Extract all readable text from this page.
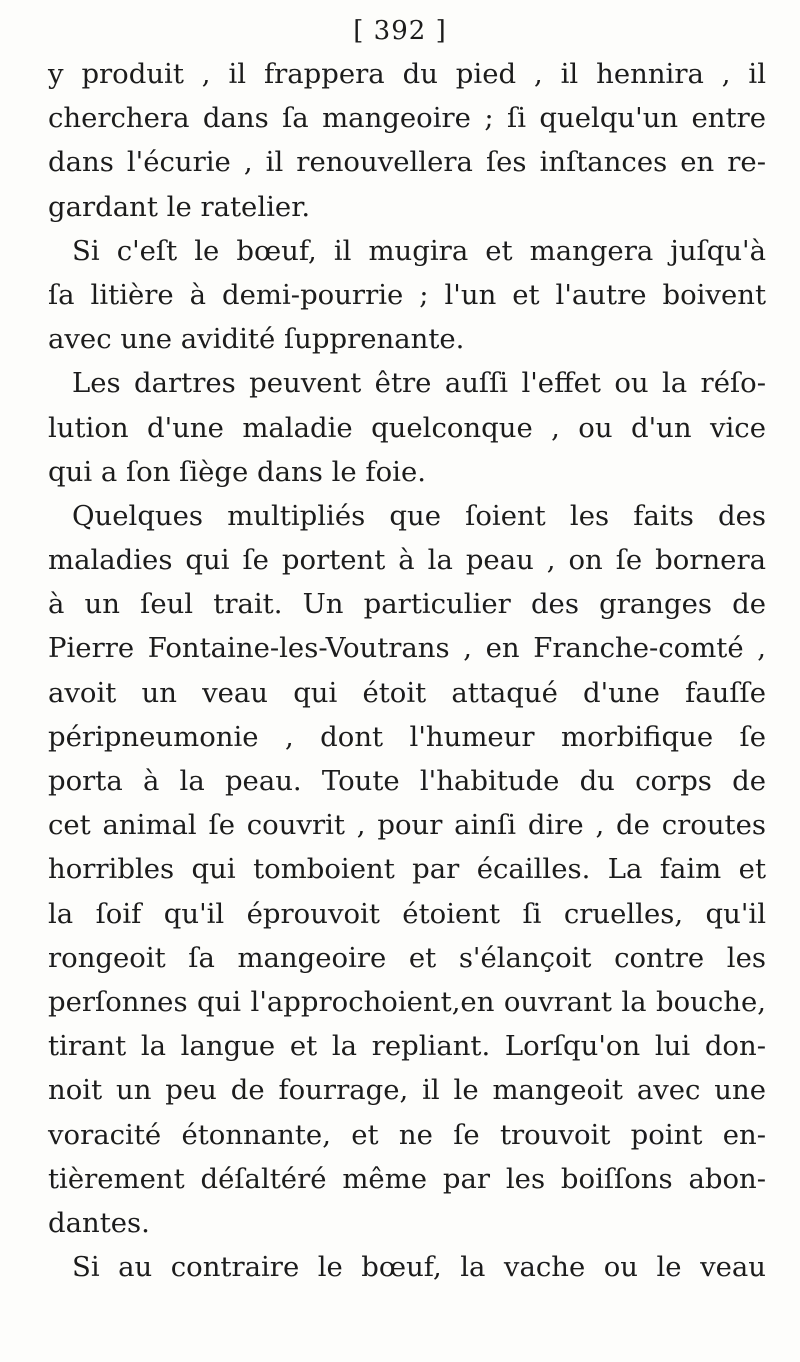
[ 392 ]
y produit , il frappera du pied , il hennira , il
cherchera dans ſa mangeoire ; ſi quelqu'un entre
dans l'écurie , il renouvellera ſes inſtances en re-
gardant le ratelier.
Si c'eſt le bœuf, il mugira et mangera juſqu'à
ſa litière à demi-pourrie ; l'un et l'autre boivent
avec une avidité ſupprenante.
Les dartres peuvent être auſſi l'effet ou la réſo-
lution d'une maladie quelconque , ou d'un vice
qui a ſon ſiège dans le foie.
Quelques multipliés que ſoient les faits des
maladies qui ſe portent à la peau , on ſe bornera
à un ſeul trait. Un particulier des granges de
Pierre Fontaine-les-Voutrans , en Franche-comté ,
avoit un veau qui étoit attaqué d'une fauſſe
péripneumonie , dont l'humeur morbifique ſe
porta à la peau. Toute l'habitude du corps de
cet animal ſe couvrit , pour ainſi dire , de croutes
horribles qui tomboient par écailles. La faim et
la ſoif qu'il éprouvoit étoient ſi cruelles, qu'il
rongeoit ſa mangeoire et s'élançoit contre les
perſonnes qui l'approchoient,en ouvrant la bouche,
tirant la langue et la repliant. Lorſqu'on lui don-
noit un peu de fourrage, il le mangeoit avec une
voracité étonnante, et ne ſe trouvoit point en-
tièrement déſaltéré même par les boiſſons abon-
dantes.
Si au contraire le bœuf, la vache ou le veau
